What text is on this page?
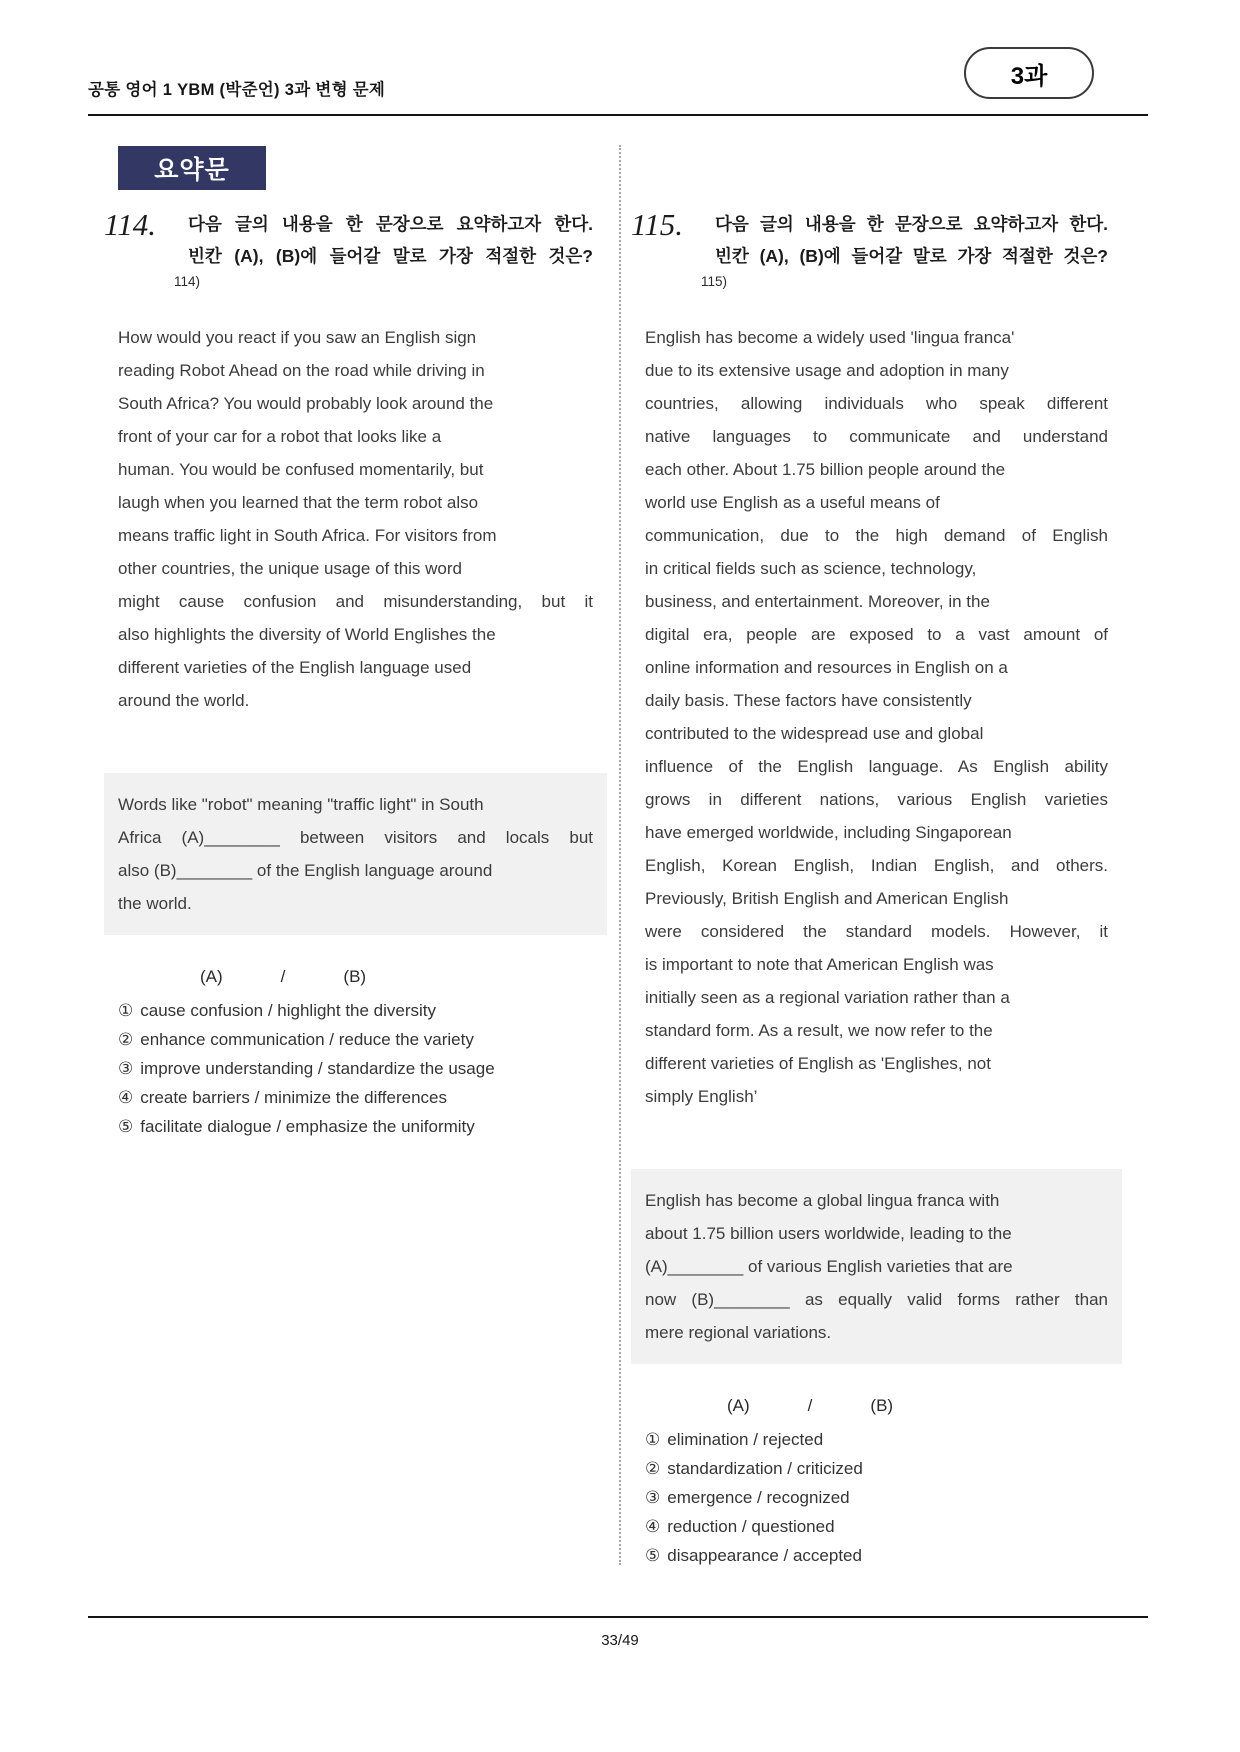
공통 영어 1 YBM (박준언) 3과 변형 문제
3과
요약문
114.	다음 글의 내용을 한 문장으로 요약하고자 한다.
빈칸 (A), (B)에 들어갈 말로 가장 적절한 것은?
114)
How would you react if you saw an English sign
reading Robot Ahead on the road while driving in
South Africa? You would probably look around the
front of your car for a robot that looks like a
human. You would be confused momentarily, but
laugh when you learned that the term robot also
means traffic light in South Africa. For visitors from
other countries, the unique usage of this word
might cause confusion and misunderstanding, but it
also highlights the diversity of World Englishes the
different varieties of the English language used
around the world.
Words like "robot" meaning "traffic light" in South
Africa (A)________ between visitors and locals but
also (B)________ of the English language around
the world.
(A)	/	(B)
① cause confusion / highlight the diversity
② enhance communication / reduce the variety
③ improve understanding / standardize the usage
④ create barriers / minimize the differences
⑤ facilitate dialogue / emphasize the uniformity
115.	다음 글의 내용을 한 문장으로 요약하고자 한다.
빈칸 (A), (B)에 들어갈 말로 가장 적절한 것은?
115)
English has become a widely used 'lingua franca'
due to its extensive usage and adoption in many
countries, allowing individuals who speak different
native languages to communicate and understand
each other. About 1.75 billion people around the
world use English as a useful means of
communication, due to the high demand of English
in critical fields such as science, technology,
business, and entertainment. Moreover, in the
digital era, people are exposed to a vast amount of
online information and resources in English on a
daily basis. These factors have consistently
contributed to the widespread use and global
influence of the English language. As English ability
grows in different nations, various English varieties
have emerged worldwide, including Singaporean
English, Korean English, Indian English, and others.
Previously, British English and American English
were considered the standard models. However, it
is important to note that American English was
initially seen as a regional variation rather than a
standard form. As a result, we now refer to the
different varieties of English as 'Englishes, not
simply English’
English has become a global lingua franca with
about 1.75 billion users worldwide, leading to the
(A)________ of various English varieties that are
now (B)________ as equally valid forms rather than
mere regional variations.
(A)	/	(B)
① elimination / rejected
② standardization / criticized
③ emergence / recognized
④ reduction / questioned
⑤ disappearance / accepted
33/49
